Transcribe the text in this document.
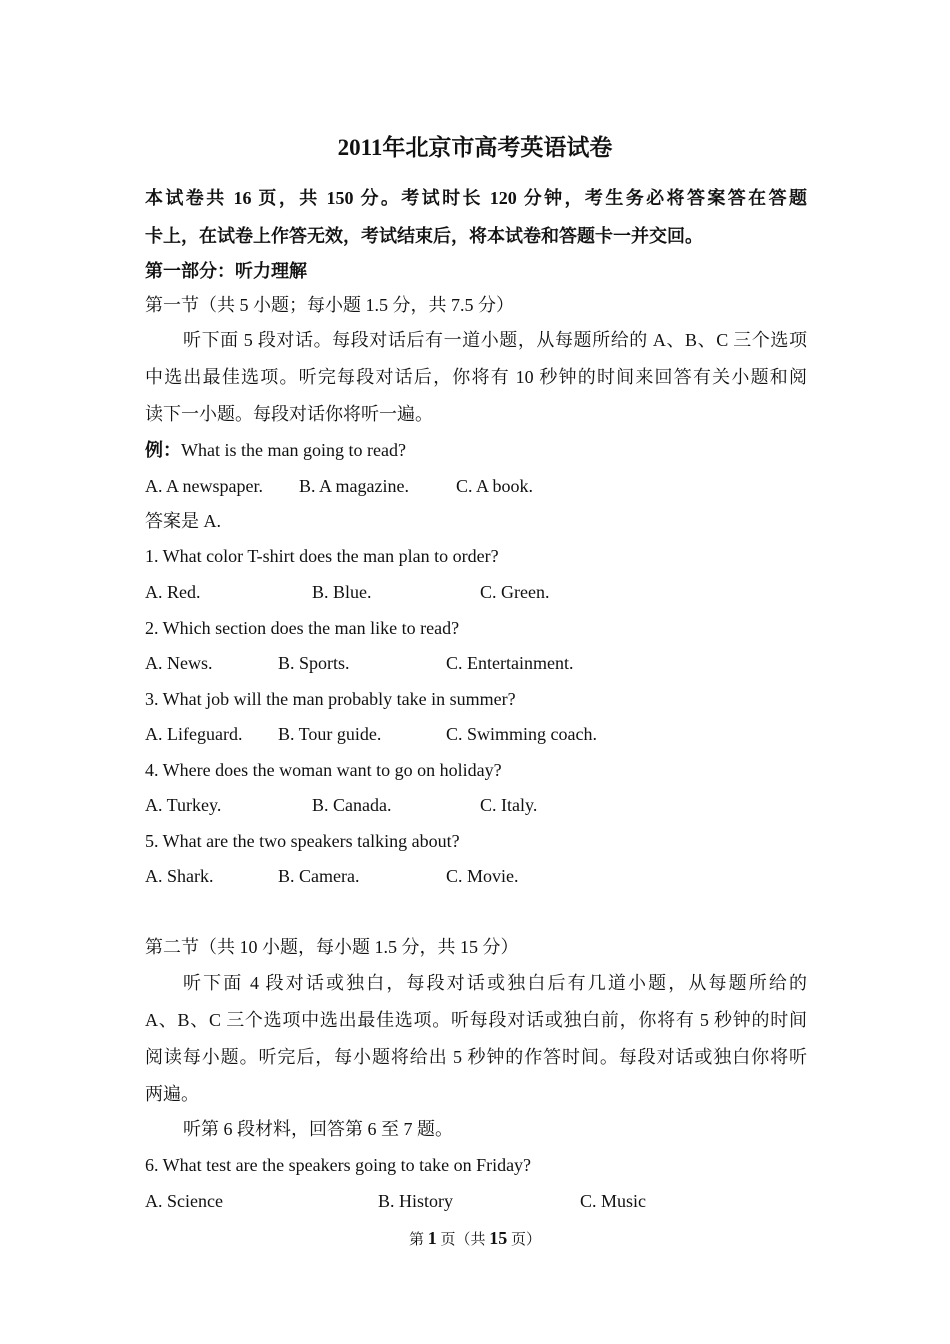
2011年北京市高考英语试卷
本试卷共 16 页，共 150 分。考试时长 120 分钟，考生务必将答案答在答题
卡上，在试卷上作答无效，考试结束后，将本试卷和答题卡一并交回。
第一部分：听力理解
第一节（共 5 小题；每小题 1.5 分，共 7.5 分）
听下面 5 段对话。每段对话后有一道小题，从每题所给的 A、B、C 三个选项
中选出最佳选项。听完每段对话后，你将有 10 秒钟的时间来回答有关小题和阅
读下一小题。每段对话你将听一遍。
例：What is the man going to read?
A. A newspaper. B. A magazine.	C. A book.
答案是 A.
1. What color T-shirt does the man plan to order?
A. Red.	B. Blue.	C. Green.
2. Which section does the man like to read?
A. News.	B. Sports.	C. Entertainment.
3. What job will the man probably take in summer?
A. Lifeguard. B. Tour guide.	C. Swimming coach.
4. Where does the woman want to go on holiday?
A. Turkey.	B. Canada.	C. Italy.
5. What are the two speakers talking about?
A. Shark.	B. Camera.	C. Movie.
第二节（共 10 小题，每小题 1.5 分，共 15 分）
听下面 4 段对话或独白，每段对话或独白后有几道小题，从每题所给的
A、B、C 三个选项中选出最佳选项。听每段对话或独白前，你将有 5 秒钟的时间
阅读每小题。听完后，每小题将给出 5 秒钟的作答时间。每段对话或独白你将听
两遍。
听第 6 段材料，回答第 6 至 7 题。
6. What test are the speakers going to take on Friday?
A. Science	B. History	C. Music
第 1 页（共 15 页）
